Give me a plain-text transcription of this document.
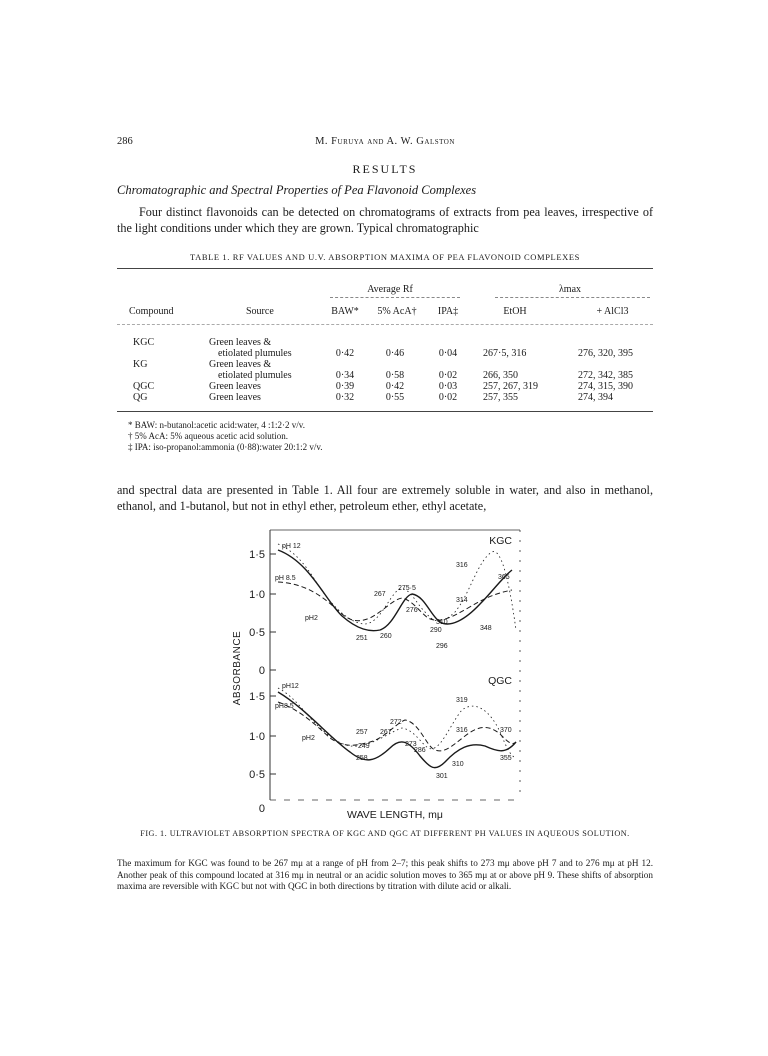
286	M. Furuya and A. W. Galston
RESULTS
Chromatographic and Spectral Properties of Pea Flavonoid Complexes
Four distinct flavonoids can be detected on chromatograms of extracts from pea leaves, irrespective of the light conditions under which they are grown. Typical chromatographic
TABLE 1. RF VALUES AND U.V. ABSORPTION MAXIMA OF PEA FLAVONOID COMPLEXES
Average Rf	λmax
Compound	Source	BAW*	5% AcA†	IPA‡	EtOH	+ AlCl3
KGC	Green leaves &
etiolated plumules	0·42	0·46	0·04	267·5, 316	276, 320, 395
KG	Green leaves &
etiolated plumules	0·34	0·58	0·02	266, 350	272, 342, 385
QGC	Green leaves	0·39	0·42	0·03	257, 267, 319	274, 315, 390
QG	Green leaves	0·32	0·55	0·02	257, 355	274, 394
* BAW: n-butanol:acetic acid:water, 4 :1:2·2 v/v.
† 5% AcA: 5% aqueous acetic acid solution.
‡ IPA: iso-propanol:ammonia (0·88):water 20:1:2 v/v.
and spectral data are presented in Table 1. All four are extremely soluble in water, and also in methanol, ethanol, and 1-butanol, but not in ethyl ether, petroleum ether, ethyl acetate,
1·5
1·0
0·5
0
1·5
1·0
0·5
0
ABSORBANCE
WAVE LENGTH, mμ
KGC
QGC
pH 12
pH 8.5
pH2
316
365
267
275·5
314
276
310
348
251 260
290
296
pH12
pH8.5
pH2
319
272
257 267	316	370
249	273
258
286
310
355
301
FIG. 1. ULTRAVIOLET ABSORPTION SPECTRA OF KGC AND QGC AT DIFFERENT PH VALUES IN AQUEOUS SOLUTION.
The maximum for KGC was found to be 267 mμ at a range of pH from 2–7; this peak shifts to 273 mμ above pH 7 and to 276 mμ at pH 12. Another peak of this compound located at 316 mμ in neutral or an acidic solution moves to 365 mμ at or above pH 9. These shifts of absorption maxima are reversible with KGC but not with QGC in both directions by titration with dilute acid or alkali.
